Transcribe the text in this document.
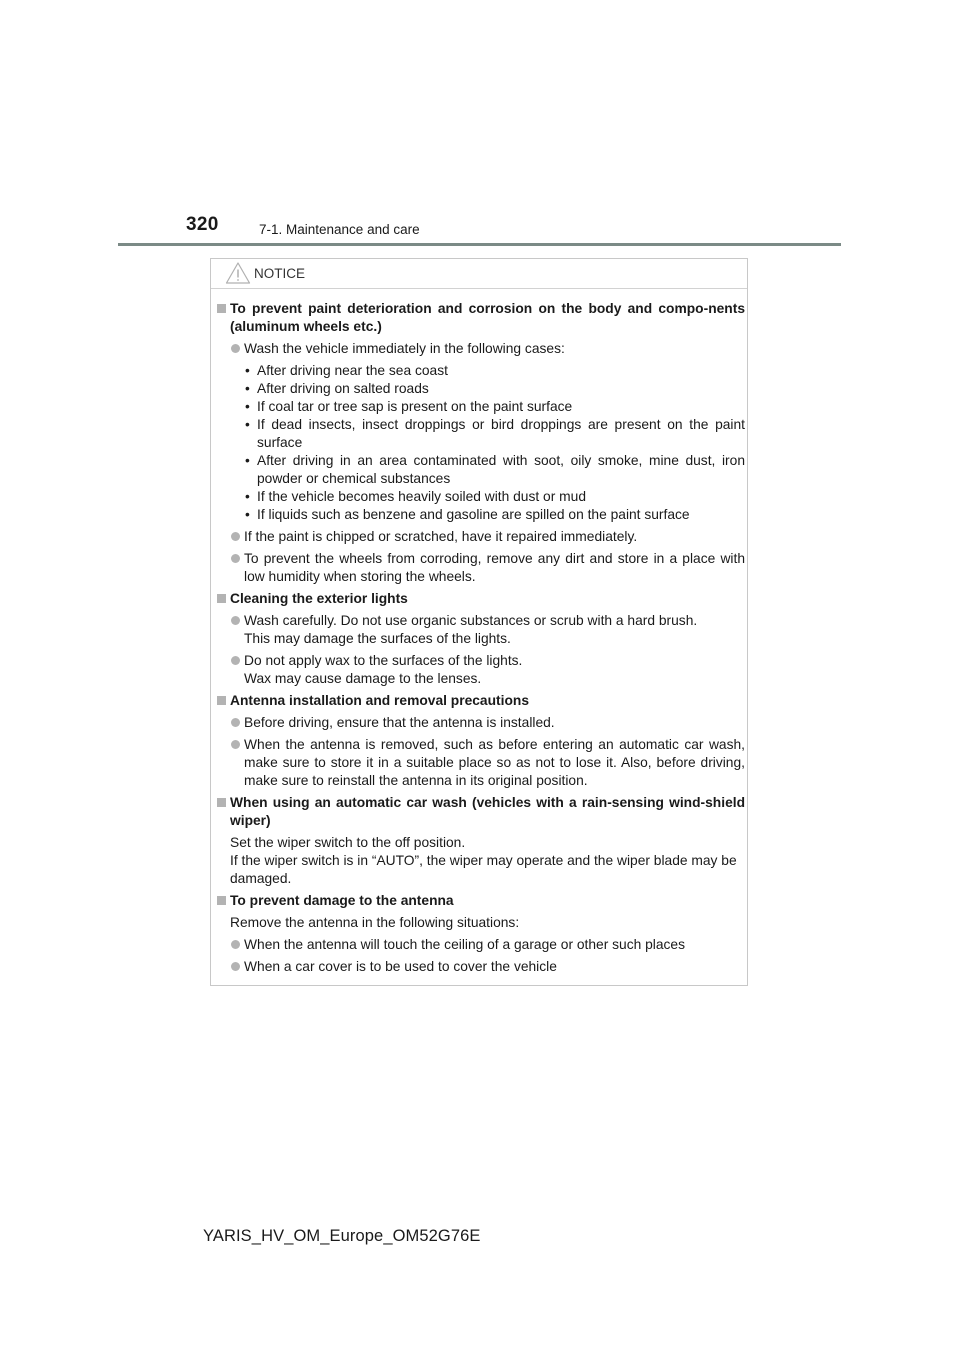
320	7-1. Maintenance and care
NOTICE
To prevent paint deterioration and corrosion on the body and compo-nents (aluminum wheels etc.)
Wash the vehicle immediately in the following cases:
• After driving near the sea coast
• After driving on salted roads
• If coal tar or tree sap is present on the paint surface
• If dead insects, insect droppings or bird droppings are present on the paint surface
• After driving in an area contaminated with soot, oily smoke, mine dust, iron powder or chemical substances
• If the vehicle becomes heavily soiled with dust or mud
• If liquids such as benzene and gasoline are spilled on the paint surface
If the paint is chipped or scratched, have it repaired immediately.
To prevent the wheels from corroding, remove any dirt and store in a place with low humidity when storing the wheels.
Cleaning the exterior lights
Wash carefully. Do not use organic substances or scrub with a hard brush.
This may damage the surfaces of the lights.
Do not apply wax to the surfaces of the lights.
Wax may cause damage to the lenses.
Antenna installation and removal precautions
Before driving, ensure that the antenna is installed.
When the antenna is removed, such as before entering an automatic car wash, make sure to store it in a suitable place so as not to lose it. Also, before driving, make sure to reinstall the antenna in its original position.
When using an automatic car wash (vehicles with a rain-sensing wind-shield wiper)
Set the wiper switch to the off position.
If the wiper switch is in “AUTO”, the wiper may operate and the wiper blade may be damaged.
To prevent damage to the antenna
Remove the antenna in the following situations:
When the antenna will touch the ceiling of a garage or other such places
When a car cover is to be used to cover the vehicle
YARIS_HV_OM_Europe_OM52G76E
